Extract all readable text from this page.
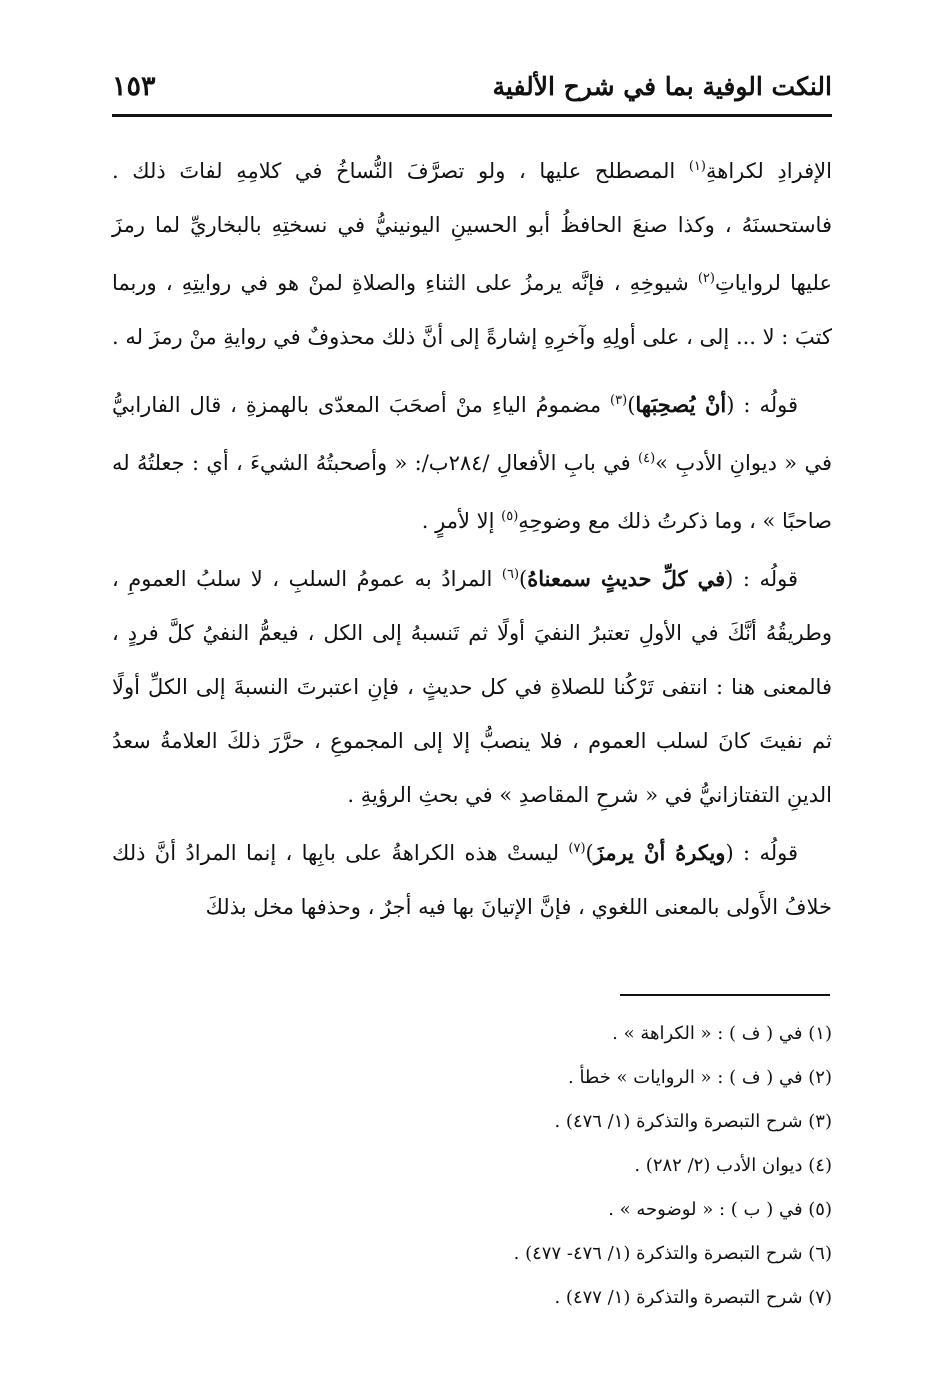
النكت الوفية بما في شرح الألفية
١٥٣

الإفرادِ لكراهةِ$^{(١)}$ المصطلح عليها ، ولو تصرَّفَ النُّساخُ في كلامِهِ لفاتَ ذلك . فاستحسنَهُ ، وكذا صنعَ الحافظُ أبو الحسينِ اليونينيُّ في نسختِهِ بالبخاريِّ لما رمزَ عليها لرواياتِ$^{(٢)}$ شيوخِهِ ، فإنَّه يرمزُ على الثناءِ والصلاةِ لمنْ هو في روايتِهِ ، وربما كتبَ : لا ... إلى ، على أولِهِ وآخرِهِ إشارةً إلى أنَّ ذلك محذوفٌ في روايةِ منْ رمزَ له .

قولُه : (أنْ يُصحِبَها)$^{(٣)}$ مضمومُ الياءِ منْ أصحَبَ المعدّى بالهمزةِ ، قال الفارابيُّ في « ديوانِ الأدبِ »$^{(٤)}$ في بابِ الأفعالِ /٢٨٤ب/: « وأصحبتُهُ الشيءَ ، أي : جعلتُهُ له صاحبًا » ، وما ذكرتُ ذلك مع وضوحِهِ$^{(٥)}$ إلا لأمرٍ .

قولُه : (في كلِّ حديثٍ سمعناهُ)$^{(٦)}$ المرادُ به عمومُ السلبِ ، لا سلبُ العمومِ ، وطريقُهُ أنَّكَ في الأولِ تعتبرُ النفيَ أولًا ثم تَنسبهُ إلى الكل ، فيعمُّ النفيُ كلَّ فردٍ ، فالمعنى هنا : انتفى تَرْكُنا للصلاةِ في كل حديثٍ ، فإنِ اعتبرتَ النسبةَ إلى الكلِّ أولًا ثم نفيتَ كانَ لسلب العموم ، فلا ينصبُّ إلا إلى المجموعِ ، حرَّرَ ذلكَ العلامةُ سعدُ الدينِ التفتازانيُّ في « شرحِ المقاصدِ » في بحثِ الرؤيةِ .

قولُه : (ويكرهُ أنْ يرمزَ)$^{(٧)}$ ليستْ هذه الكراهةُ على بابِها ، إنما المرادُ أنَّ ذلك خلافُ الأَولى بالمعنى اللغوي ، فإنَّ الإتيانَ بها فيه أجرٌ ، وحذفها مخل بذلكَ

(١) في ( ف ) : « الكراهة » .

(٢) في ( ف ) : « الروايات » خطأ .

(٣) شرح التبصرة والتذكرة (١/ ٤٧٦) .

(٤) ديوان الأدب (٢/ ٢٨٢) .

(٥) في ( ب ) : « لوضوحه » .

(٦) شرح التبصرة والتذكرة (١/ ٤٧٦- ٤٧٧) .

(٧) شرح التبصرة والتذكرة (١/ ٤٧٧) .
